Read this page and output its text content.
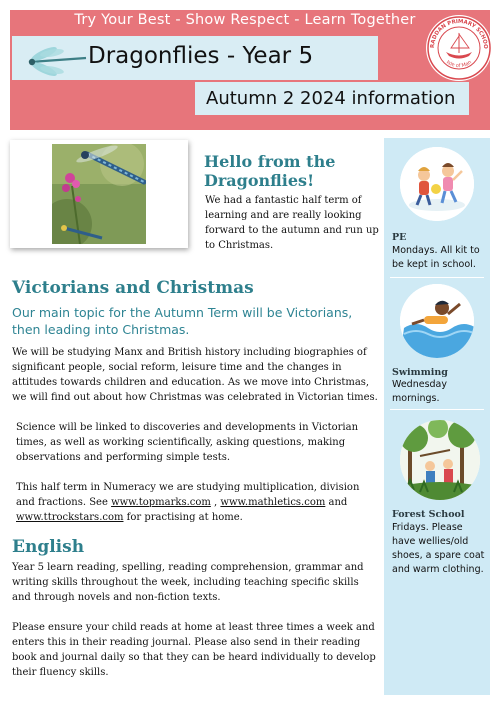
Try Your Best - Show Respect - Learn Together
Dragonflies - Year 5
Autumn 2 2024 information
RADDAN PRIMARY SCHOO
Isle of Man
Hello from the Dragonflies!
We had a fantastic half term of learning and are really looking forward to the autumn and run up to Christmas.
Victorians and Christmas
Our main topic for the Autumn Term will be Victorians, then leading into Christmas.
We will be studying Manx and British history including biographies of significant people, social reform, leisure time and the changes in attitudes towards children and education. As we move into Christmas, we will find out about how Christmas was celebrated in Victorian times.
Science will be linked to discoveries and developments in Victorian times, as well as working scientifically, asking questions, making observations and performing simple tests.
This half term in Numeracy we are studying multiplication, division and fractions. See www.topmarks.com , www.mathletics.com and www.ttrockstars.com for practising at home.
English
Year 5 learn reading, spelling, reading comprehension, grammar and writing skills throughout the week, including teaching specific skills and through novels and non-fiction texts.
Please ensure your child reads at home at least three times a week and enters this in their reading journal. Please also send in their reading book and journal daily so that they can be heard individually to develop their fluency skills.
PE
Mondays. All kit to be kept in school.
Swimming
Wednesday mornings.
Forest School
Fridays. Please have wellies/old shoes, a spare coat and warm clothing.
